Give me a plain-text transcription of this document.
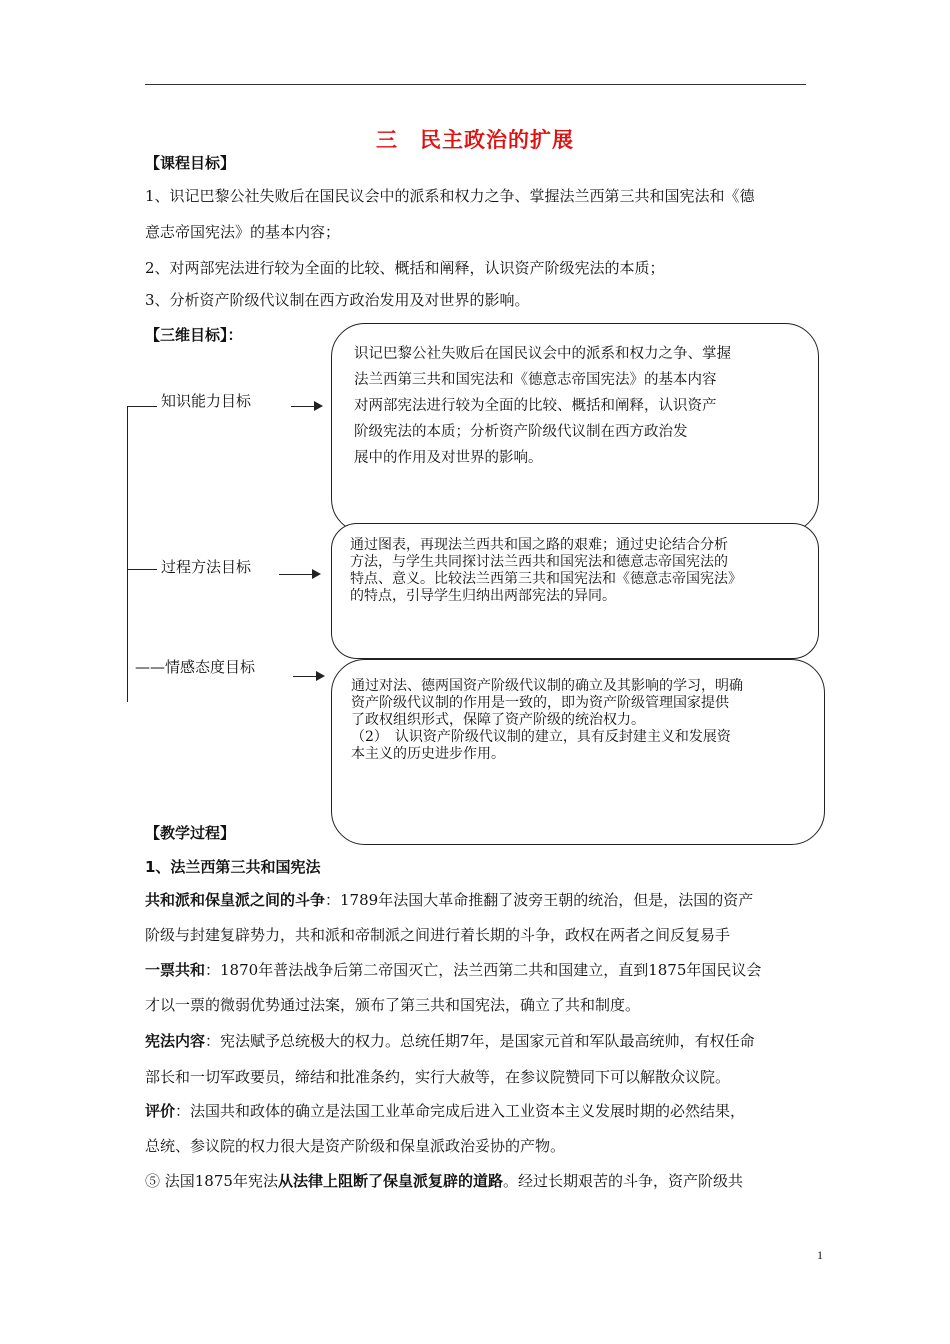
三　民主政治的扩展
【课程目标】
1、识记巴黎公社失败后在国民议会中的派系和权力之争、掌握法兰西第三共和国宪法和《德
意志帝国宪法》的基本内容；
2、对两部宪法进行较为全面的比较、概括和阐释，认识资产阶级宪法的本质；
3、分析资产阶级代议制在西方政治发用及对世界的影响。
【三维目标】：
知识能力目标
过程方法目标
——情感态度目标
识记巴黎公社失败后在国民议会中的派系和权力之争、掌握
法兰西第三共和国宪法和《德意志帝国宪法》的基本内容
对两部宪法进行较为全面的比较、概括和阐释，认识资产
阶级宪法的本质；分析资产阶级代议制在西方政治发
展中的作用及对世界的影响。
通过图表，再现法兰西共和国之路的艰难；通过史论结合分析
方法，与学生共同探讨法兰西共和国宪法和德意志帝国宪法的
特点、意义。比较法兰西第三共和国宪法和《德意志帝国宪法》
的特点，引导学生归纳出两部宪法的异同。
通过对法、德两国资产阶级代议制的确立及其影响的学习，明确
资产阶级代议制的作用是一致的，即为资产阶级管理国家提供
了政权组织形式，保障了资产阶级的统治权力。
（2）　认识资产阶级代议制的建立，具有反封建主义和发展资
本主义的历史进步作用。
【教学过程】
1、法兰西第三共和国宪法
共和派和保皇派之间的斗争：1789年法国大革命推翻了波旁王朝的统治，但是，法国的资产
阶级与封建复辟势力，共和派和帝制派之间进行着长期的斗争，政权在两者之间反复易手
一票共和：1870年普法战争后第二帝国灭亡，法兰西第二共和国建立，直到1875年国民议会
才以一票的微弱优势通过法案，颁布了第三共和国宪法，确立了共和制度。
宪法内容：宪法赋予总统极大的权力。总统任期7年，是国家元首和军队最高统帅，有权任命
部长和一切军政要员，缔结和批准条约，实行大赦等，在参议院赞同下可以解散众议院。
评价：法国共和政体的确立是法国工业革命完成后进入工业资本主义发展时期的必然结果，
总统、参议院的权力很大是资产阶级和保皇派政治妥协的产物。
⑤ 法国1875年宪法从法律上阻断了保皇派复辟的道路。经过长期艰苦的斗争，资产阶级共
1
